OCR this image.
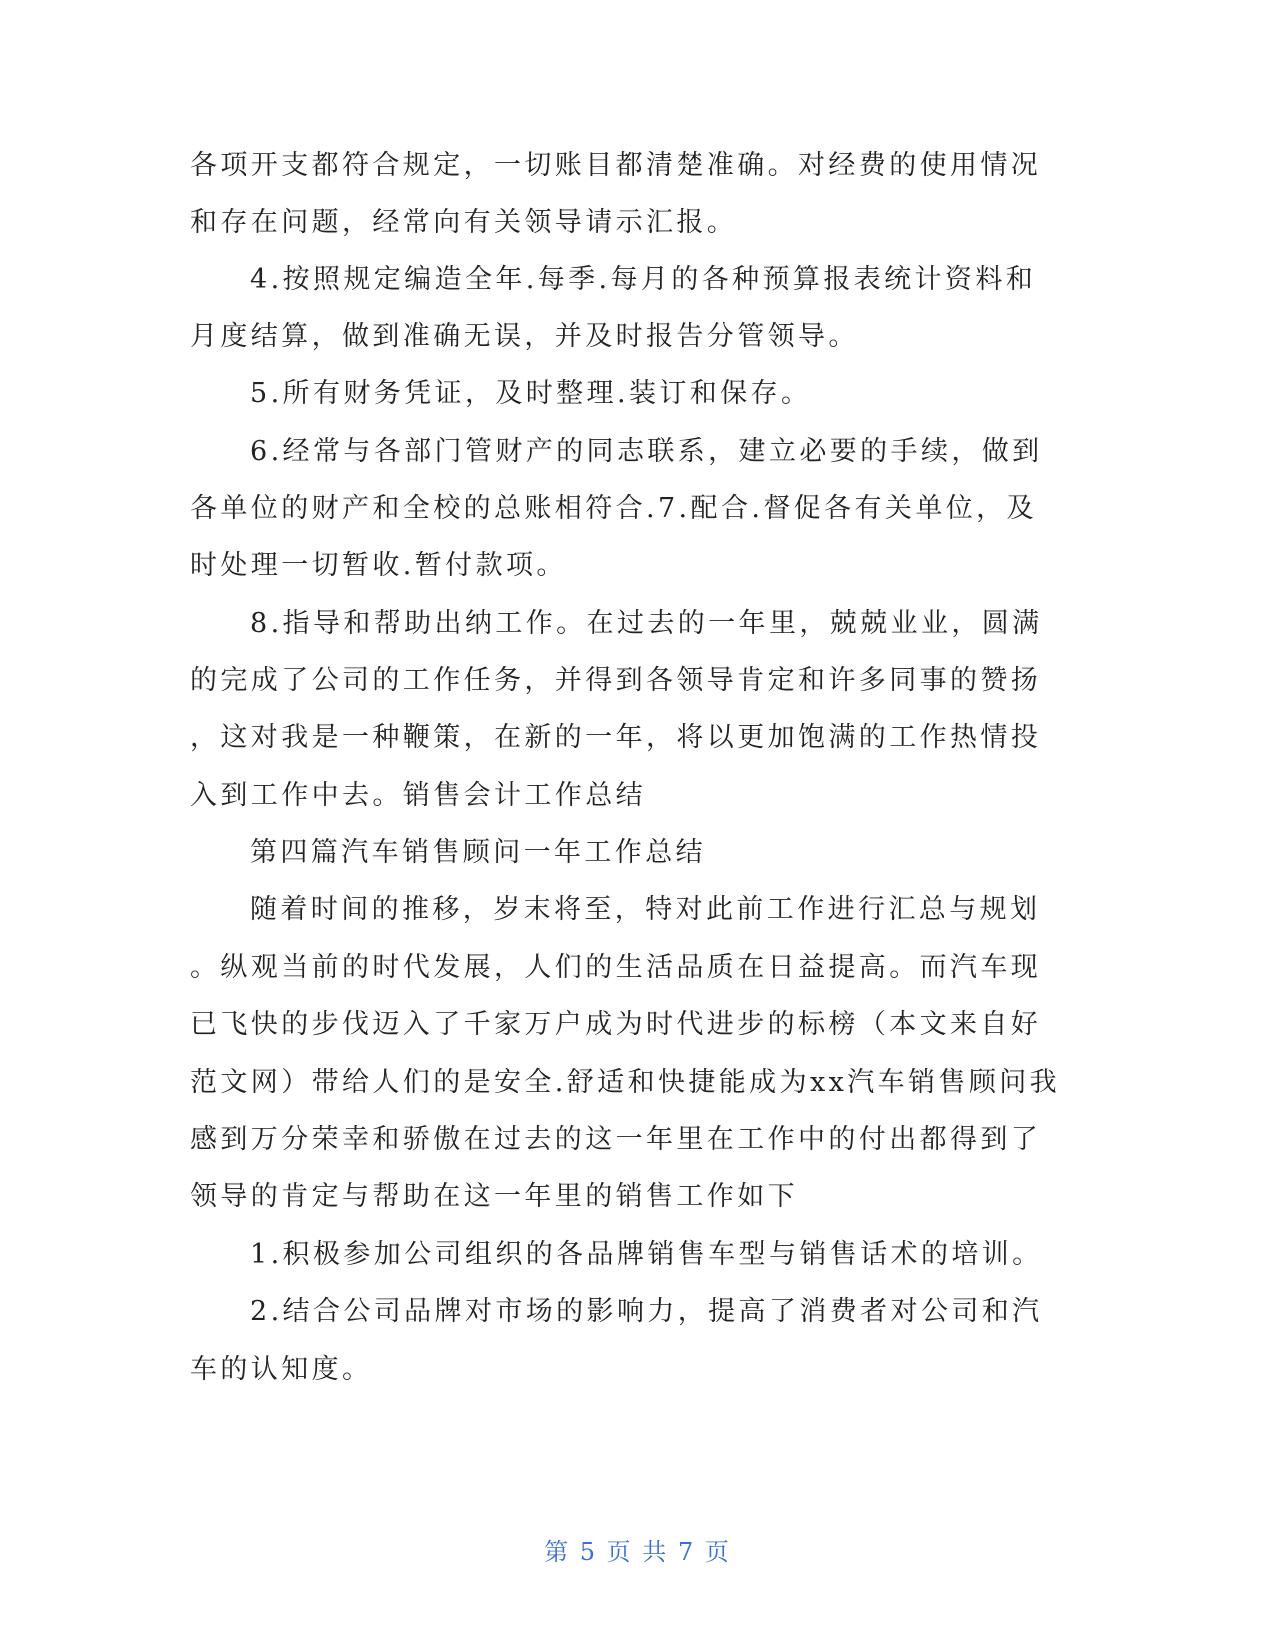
各项开支都符合规定，一切账目都清楚准确。对经费的使用情况
和存在问题，经常向有关领导请示汇报。
4.按照规定编造全年.每季.每月的各种预算报表统计资料和
月度结算，做到准确无误，并及时报告分管领导。
5.所有财务凭证，及时整理.装订和保存。
6.经常与各部门管财产的同志联系，建立必要的手续，做到
各单位的财产和全校的总账相符合.7.配合.督促各有关单位，及
时处理一切暂收.暂付款项。
8.指导和帮助出纳工作。在过去的一年里，兢兢业业，圆满
的完成了公司的工作任务，并得到各领导肯定和许多同事的赞扬
，这对我是一种鞭策，在新的一年，将以更加饱满的工作热情投
入到工作中去。销售会计工作总结
第四篇汽车销售顾问一年工作总结
随着时间的推移，岁末将至，特对此前工作进行汇总与规划
。纵观当前的时代发展，人们的生活品质在日益提高。而汽车现
已飞快的步伐迈入了千家万户成为时代进步的标榜（本文来自好
范文网）带给人们的是安全.舒适和快捷能成为xx汽车销售顾问我
感到万分荣幸和骄傲在过去的这一年里在工作中的付出都得到了
领导的肯定与帮助在这一年里的销售工作如下
1.积极参加公司组织的各品牌销售车型与销售话术的培训。
2.结合公司品牌对市场的影响力，提高了消费者对公司和汽
车的认知度。
第 5 页 共 7 页
